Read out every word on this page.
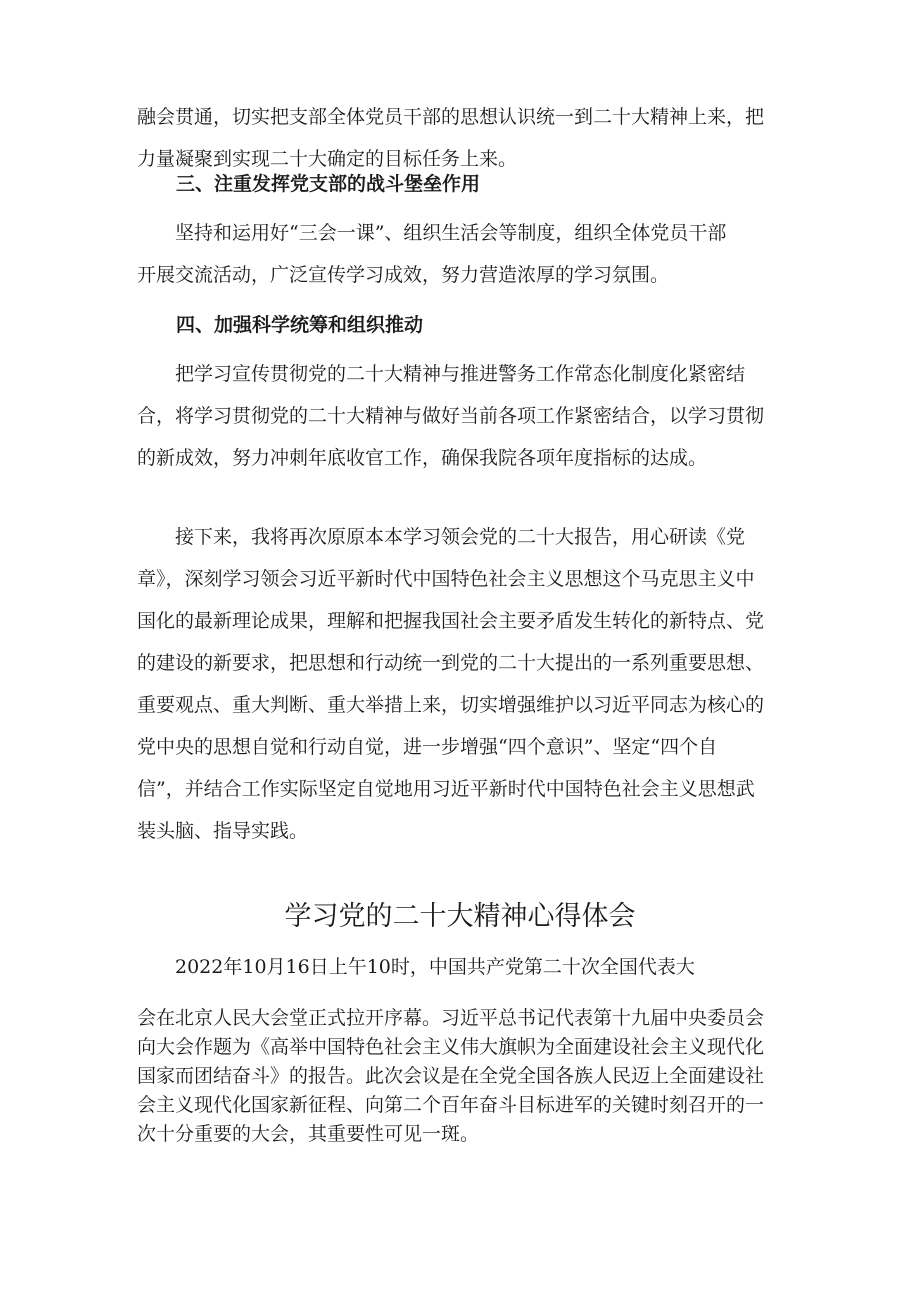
融会贯通，切实把支部全体党员干部的思想认识统一到二十大精神上来，把
力量凝聚到实现二十大确定的目标任务上来。
三、注重发挥党支部的战斗堡垒作用
　　坚持和运用好“三会一课”、组织生活会等制度，组织全体党员干部
开展交流活动，广泛宣传学习成效，努力营造浓厚的学习氛围。
四、加强科学统筹和组织推动
　　把学习宣传贯彻党的二十大精神与推进警务工作常态化制度化紧密结
合，将学习贯彻党的二十大精神与做好当前各项工作紧密结合，以学习贯彻
的新成效，努力冲刺年底收官工作，确保我院各项年度指标的达成。
　　接下来，我将再次原原本本学习领会党的二十大报告，用心研读《党
章》，深刻学习领会习近平新时代中国特色社会主义思想这个马克思主义中
国化的最新理论成果，理解和把握我国社会主要矛盾发生转化的新特点、党
的建设的新要求，把思想和行动统一到党的二十大提出的一系列重要思想、
重要观点、重大判断、重大举措上来，切实增强维护以习近平同志为核心的
党中央的思想自觉和行动自觉，进一步增强“四个意识”、坚定“四个自
信”，并结合工作实际坚定自觉地用习近平新时代中国特色社会主义思想武
装头脑、指导实践。
学习党的二十大精神心得体会
　　2022年10月16日上午10时，中国共产党第二十次全国代表大
会在北京人民大会堂正式拉开序幕。习近平总书记代表第十九届中央委员会
向大会作题为《高举中国特色社会主义伟大旗帜为全面建设社会主义现代化
国家而团结奋斗》的报告。此次会议是在全党全国各族人民迈上全面建设社
会主义现代化国家新征程、向第二个百年奋斗目标进军的关键时刻召开的一
次十分重要的大会，其重要性可见一斑。
